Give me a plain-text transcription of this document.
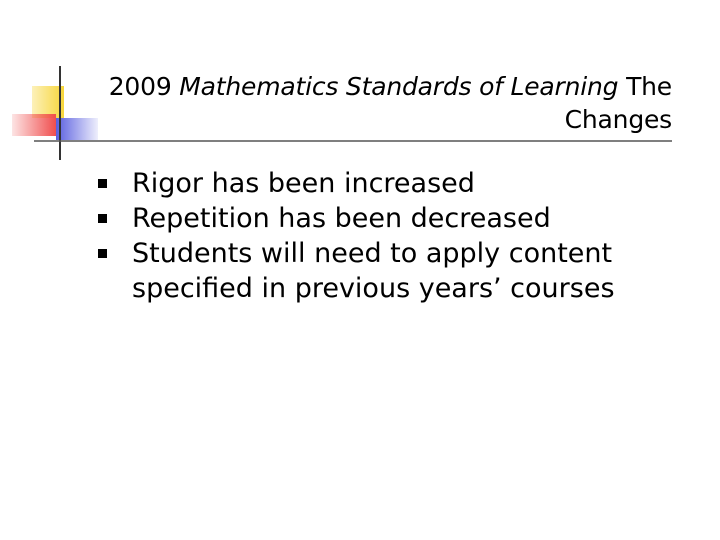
2009 Mathematics Standards of Learning The
Changes
Rigor has been increased
Repetition has been decreased
Students will need to apply content specified in previous years’ courses
